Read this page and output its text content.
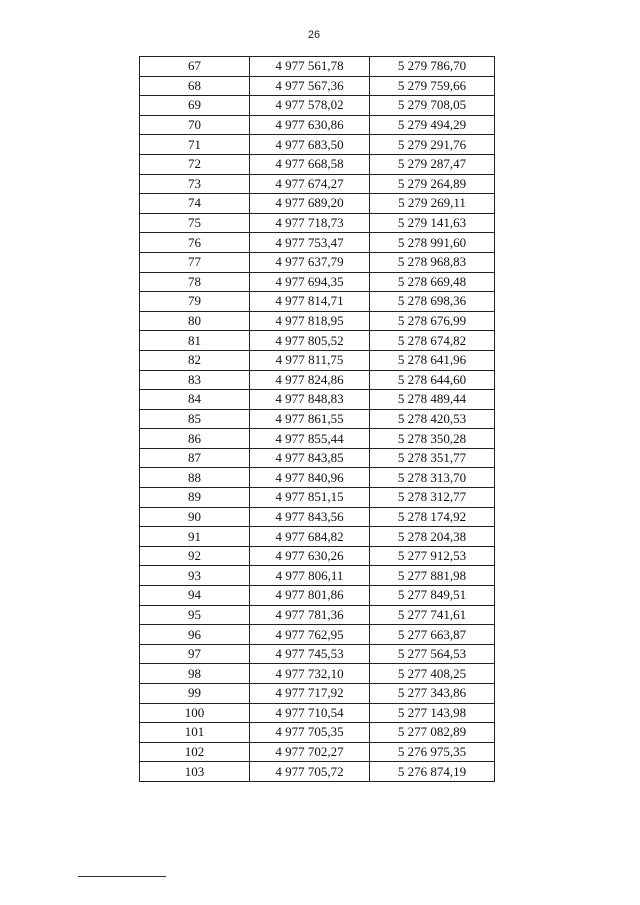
26
67	4 977 561,78	5 279 786,70
68	4 977 567,36	5 279 759,66
69	4 977 578,02	5 279 708,05
70	4 977 630,86	5 279 494,29
71	4 977 683,50	5 279 291,76
72	4 977 668,58	5 279 287,47
73	4 977 674,27	5 279 264,89
74	4 977 689,20	5 279 269,11
75	4 977 718,73	5 279 141,63
76	4 977 753,47	5 278 991,60
77	4 977 637,79	5 278 968,83
78	4 977 694,35	5 278 669,48
79	4 977 814,71	5 278 698,36
80	4 977 818,95	5 278 676,99
81	4 977 805,52	5 278 674,82
82	4 977 811,75	5 278 641,96
83	4 977 824,86	5 278 644,60
84	4 977 848,83	5 278 489,44
85	4 977 861,55	5 278 420,53
86	4 977 855,44	5 278 350,28
87	4 977 843,85	5 278 351,77
88	4 977 840,96	5 278 313,70
89	4 977 851,15	5 278 312,77
90	4 977 843,56	5 278 174,92
91	4 977 684,82	5 278 204,38
92	4 977 630,26	5 277 912,53
93	4 977 806,11	5 277 881,98
94	4 977 801,86	5 277 849,51
95	4 977 781,36	5 277 741,61
96	4 977 762,95	5 277 663,87
97	4 977 745,53	5 277 564,53
98	4 977 732,10	5 277 408,25
99	4 977 717,92	5 277 343,86
100	4 977 710,54	5 277 143,98
101	4 977 705,35	5 277 082,89
102	4 977 702,27	5 276 975,35
103	4 977 705,72	5 276 874,19
